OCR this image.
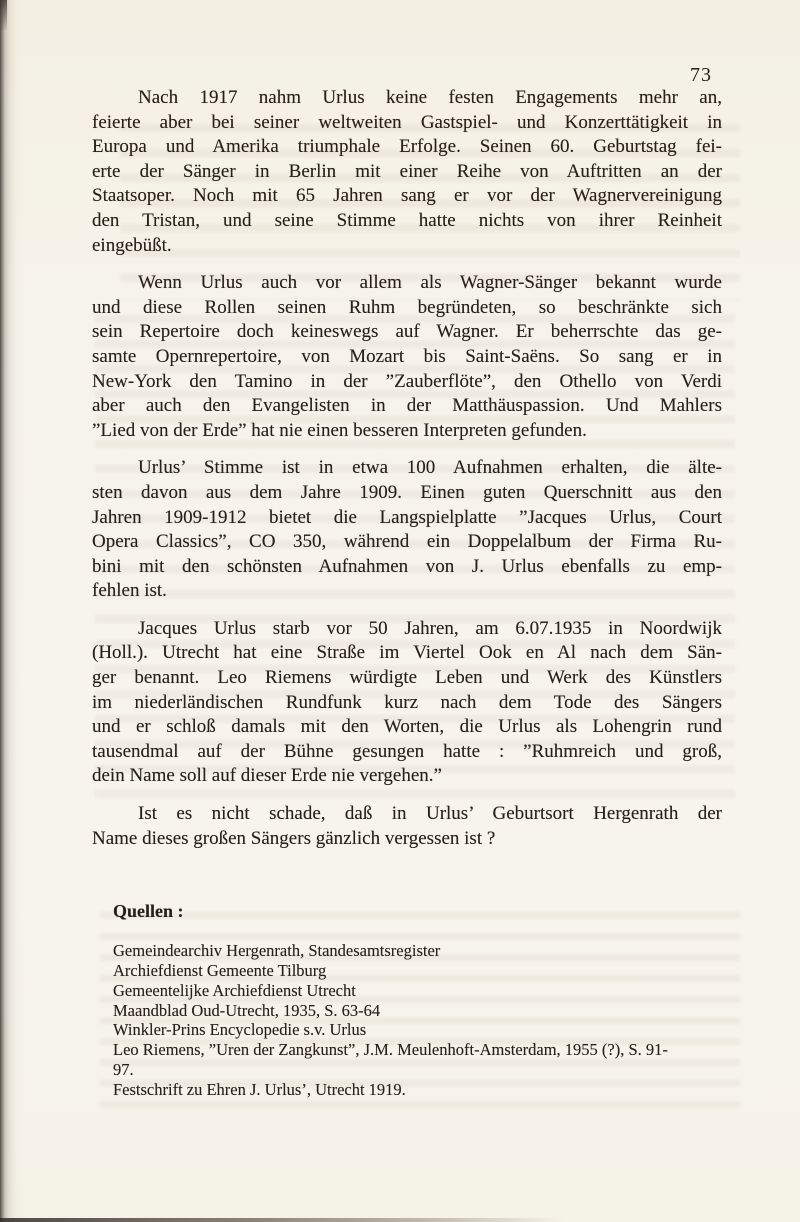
73
Nach 1917 nahm Urlus keine festen Engagements mehr an,
feierte aber bei seiner weltweiten Gastspiel- und Konzerttätigkeit in
Europa und Amerika triumphale Erfolge. Seinen 60. Geburtstag fei-
erte der Sänger in Berlin mit einer Reihe von Auftritten an der
Staatsoper. Noch mit 65 Jahren sang er vor der Wagnervereinigung
den Tristan, und seine Stimme hatte nichts von ihrer Reinheit
eingebüßt.
Wenn Urlus auch vor allem als Wagner-Sänger bekannt wurde
und diese Rollen seinen Ruhm begründeten, so beschränkte sich
sein Repertoire doch keineswegs auf Wagner. Er beherrschte das ge-
samte Opernrepertoire, von Mozart bis Saint-Saëns. So sang er in
New-York den Tamino in der ”Zauberflöte”, den Othello von Verdi
aber auch den Evangelisten in der Matthäuspassion. Und Mahlers
”Lied von der Erde” hat nie einen besseren Interpreten gefunden.
Urlus’ Stimme ist in etwa 100 Aufnahmen erhalten, die älte-
sten davon aus dem Jahre 1909. Einen guten Querschnitt aus den
Jahren 1909-1912 bietet die Langspielplatte ”Jacques Urlus, Court
Opera Classics”, CO 350, während ein Doppelalbum der Firma Ru-
bini mit den schönsten Aufnahmen von J. Urlus ebenfalls zu emp-
fehlen ist.
Jacques Urlus starb vor 50 Jahren, am 6.07.1935 in Noordwijk
(Holl.). Utrecht hat eine Straße im Viertel Ook en Al nach dem Sän-
ger benannt. Leo Riemens würdigte Leben und Werk des Künstlers
im niederländischen Rundfunk kurz nach dem Tode des Sängers
und er schloß damals mit den Worten, die Urlus als Lohengrin rund
tausendmal auf der Bühne gesungen hatte : ”Ruhmreich und groß,
dein Name soll auf dieser Erde nie vergehen.”
Ist es nicht schade, daß in Urlus’ Geburtsort Hergenrath der
Name dieses großen Sängers gänzlich vergessen ist ?
Quellen :
Gemeindearchiv Hergenrath, Standesamtsregister
Archiefdienst Gemeente Tilburg
Gemeentelijke Archiefdienst Utrecht
Maandblad Oud-Utrecht, 1935, S. 63-64
Winkler-Prins Encyclopedie s.v. Urlus
Leo Riemens, ”Uren der Zangkunst”, J.M. Meulenhoft-Amsterdam, 1955 (?), S. 91-
97.
Festschrift zu Ehren J. Urlus’, Utrecht 1919.
